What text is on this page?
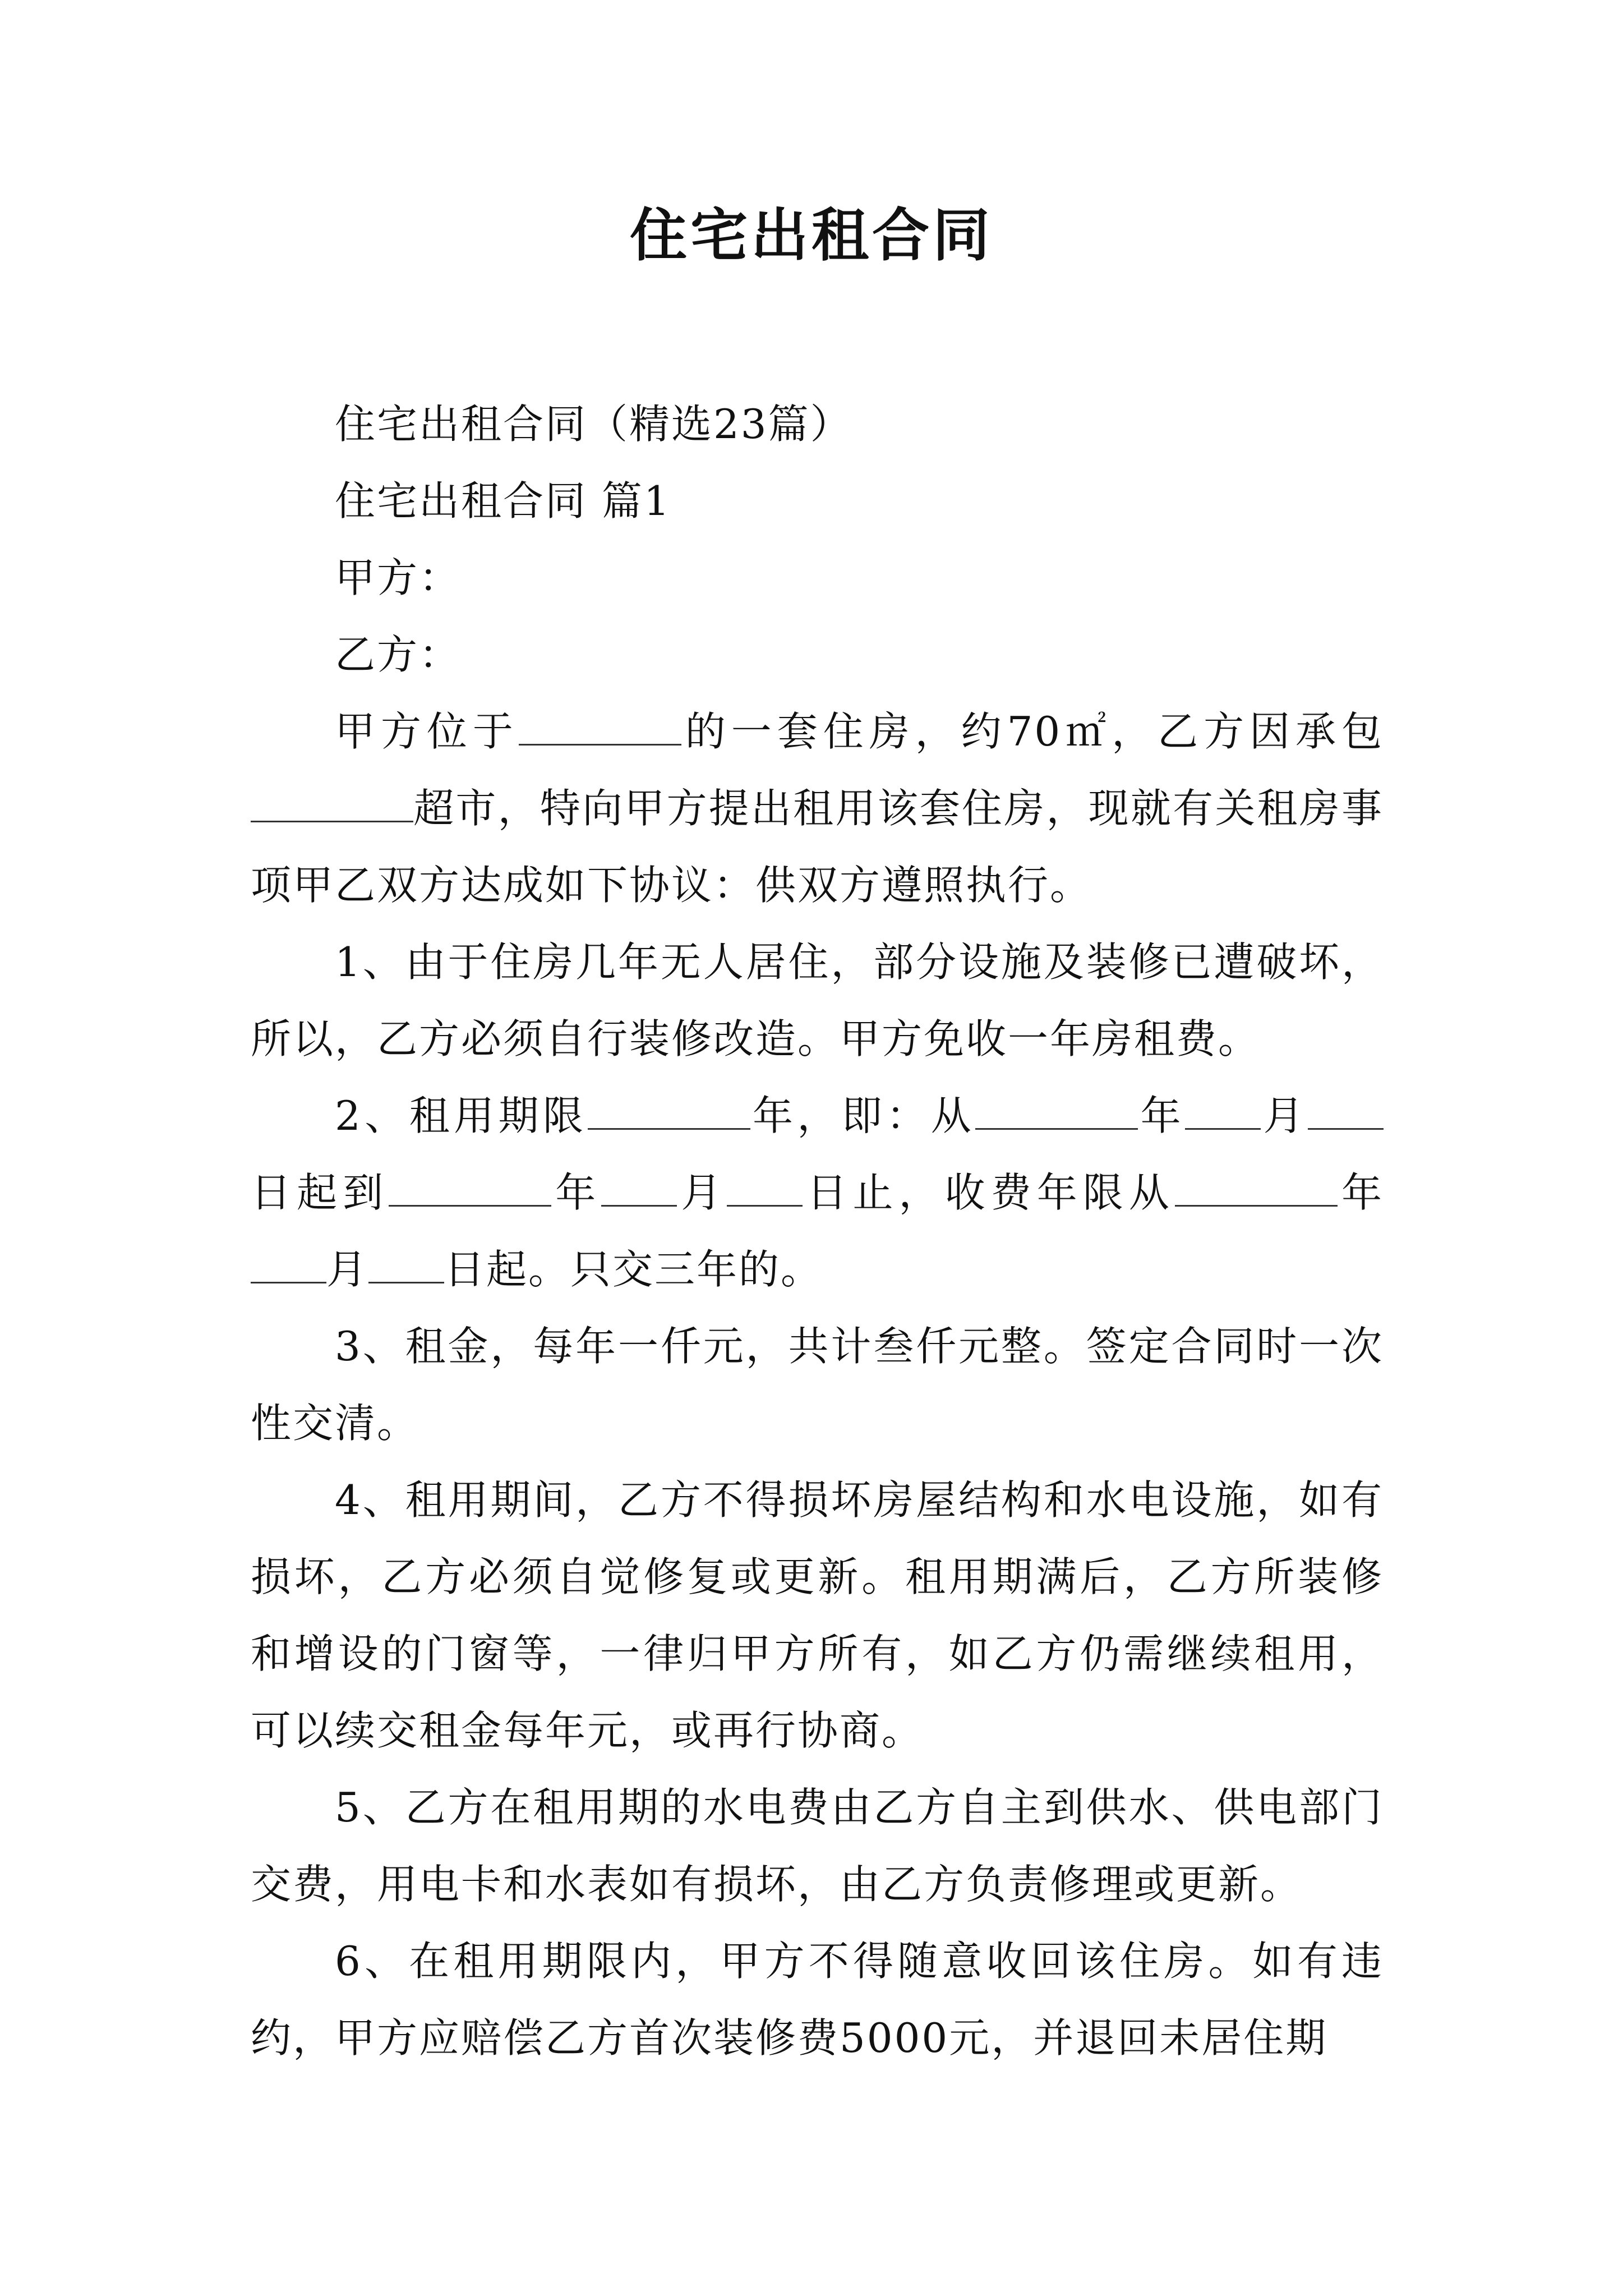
住宅出租合同

住宅出租合同（精选23篇）

住宅出租合同 篇1

甲方：

乙方：

甲方位于	的一套住房，约70㎡，乙方因承包超市，特向甲方提出租用该套住房，现就有关租房事项甲乙双方达成如下协议：供双方遵照执行。

1、由于住房几年无人居住，部分设施及装修已遭破坏，所以，乙方必须自行装修改造。甲方免收一年房租费。

2、租用期限	年，即：从	年 月日起到	年 月 日止，收费年限从	年月 日起。只交三年的。

3、租金，每年一仟元，共计叁仟元整。签定合同时一次性交清。

4、租用期间，乙方不得损坏房屋结构和水电设施，如有损坏，乙方必须自觉修复或更新。租用期满后，乙方所装修和增设的门窗等，一律归甲方所有，如乙方仍需继续租用，可以续交租金每年元，或再行协商。

5、乙方在租用期的水电费由乙方自主到供水、供电部门交费，用电卡和水表如有损坏，由乙方负责修理或更新。

6、在租用期限内，甲方不得随意收回该住房。如有违约，甲方应赔偿乙方首次装修费5000元，并退回未居住期
